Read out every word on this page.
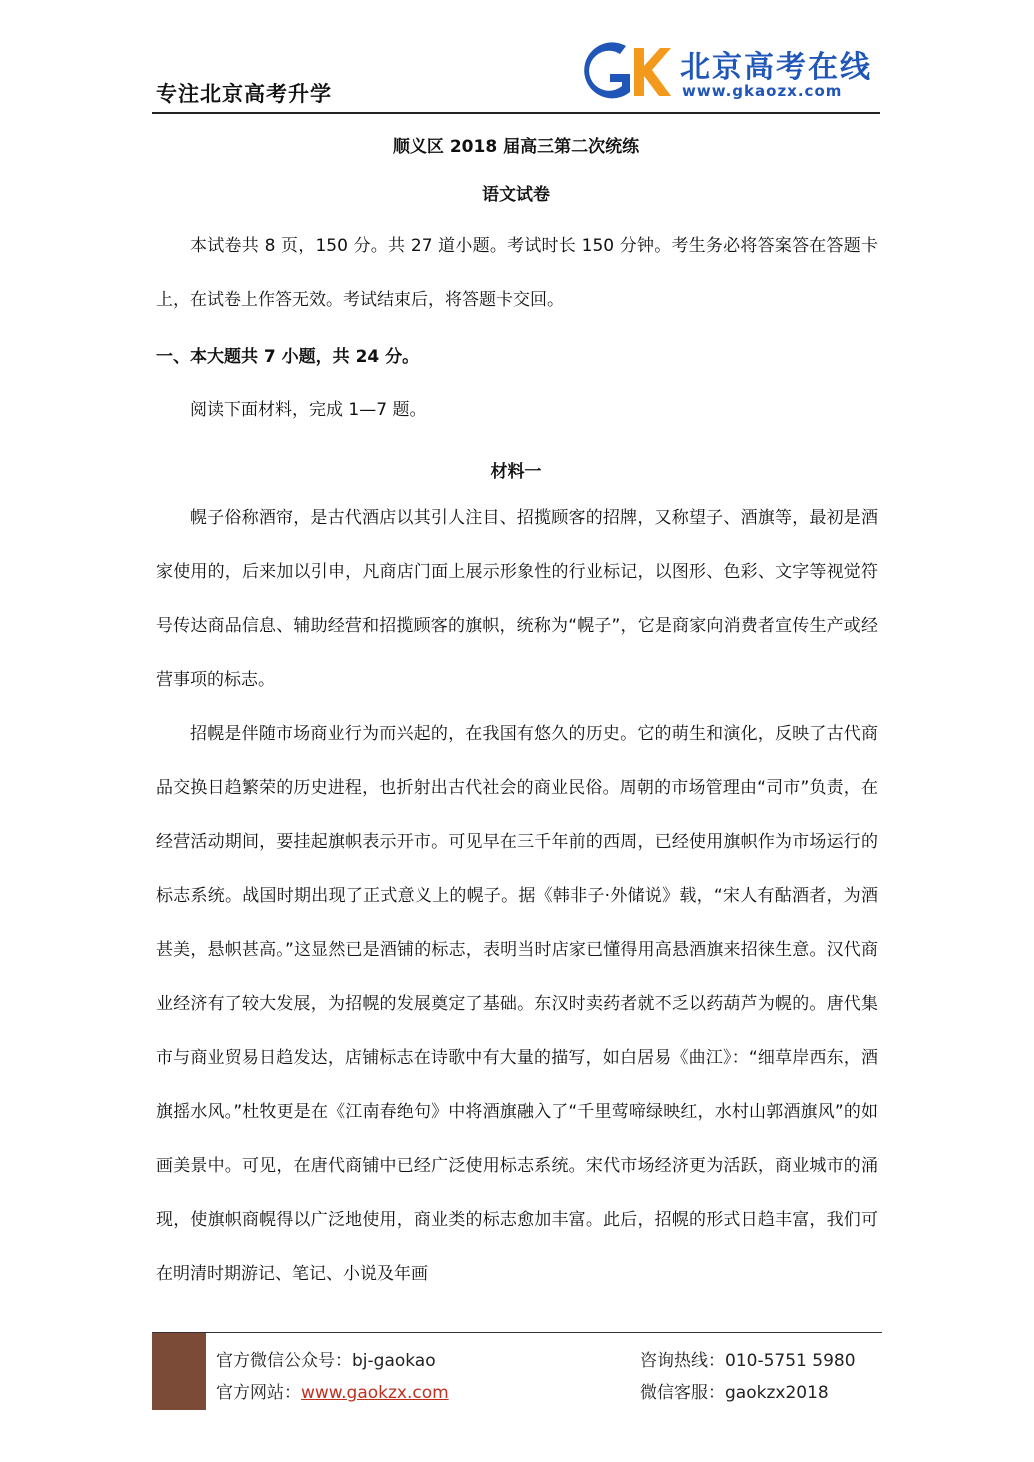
专注北京高考升学
北京高考在线
www.gkaozx.com
顺义区 2018 届高三第二次统练
语文试卷

本试卷共 8 页，150 分。共 27 道小题。考试时长 150 分钟。考生务必将答案答在答题卡上，在试卷上作答无效。考试结束后，将答题卡交回。

一、本大题共 7 小题，共 24 分。

阅读下面材料，完成 1—7 题。

材料一

幌子俗称酒帘，是古代酒店以其引人注目、招揽顾客的招牌，又称望子、酒旗等，最初是酒家使用的，后来加以引申，凡商店门面上展示形象性的行业标记，以图形、色彩、文字等视觉符号传达商品信息、辅助经营和招揽顾客的旗帜，统称为“幌子”，它是商家向消费者宣传生产或经营事项的标志。

招幌是伴随市场商业行为而兴起的，在我国有悠久的历史。它的萌生和演化，反映了古代商品交换日趋繁荣的历史进程，也折射出古代社会的商业民俗。周朝的市场管理由“司市”负责，在经营活动期间，要挂起旗帜表示开市。可见早在三千年前的西周，已经使用旗帜作为市场运行的标志系统。战国时期出现了正式意义上的幌子。据《韩非子·外储说》载，“宋人有酤酒者，为酒甚美，悬帜甚高。”这显然已是酒铺的标志，表明当时店家已懂得用高悬酒旗来招徕生意。汉代商业经济有了较大发展，为招幌的发展奠定了基础。东汉时卖药者就不乏以药葫芦为幌的。唐代集市与商业贸易日趋发达，店铺标志在诗歌中有大量的描写，如白居易《曲江》：“细草岸西东，酒旗摇水风。”杜牧更是在《江南春绝句》中将酒旗融入了“千里莺啼绿映红，水村山郭酒旗风”的如画美景中。可见，在唐代商铺中已经广泛使用标志系统。宋代市场经济更为活跃，商业城市的涌现，使旗帜商幌得以广泛地使用，商业类的标志愈加丰富。此后，招幌的形式日趋丰富，我们可在明清时期游记、笔记、小说及年画

官方微信公众号：bj-gaokao
官方网站：www.gaokzx.com
咨询热线：010-5751 5980
微信客服：gaokzx2018
